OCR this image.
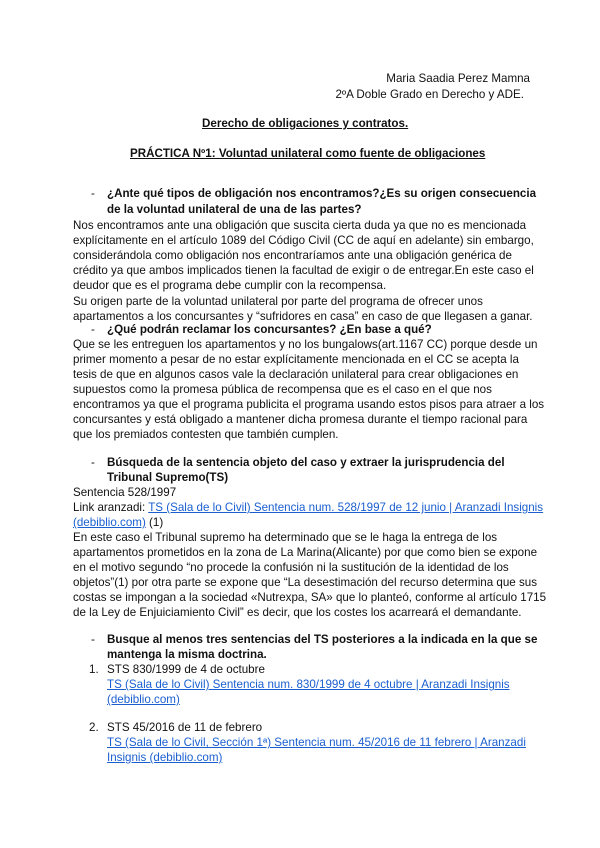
Maria Saadia Perez Mamna
2ºA Doble Grado en Derecho y ADE.
Derecho de obligaciones y contratos.
PRÁCTICA Nº1: Voluntad unilateral como fuente de obligaciones
- ¿Ante qué tipos de obligación nos encontramos?¿Es su origen consecuencia
de la voluntad unilateral de una de las partes?
Nos encontramos ante una obligación que suscita cierta duda ya que no es mencionada
explícitamente en el artículo 1089 del Código Civil (CC de aquí en adelante) sin embargo,
considerándola como obligación nos encontraríamos ante una obligación genérica de
crédito ya que ambos implicados tienen la facultad de exigir o de entregar.En este caso el
deudor que es el programa debe cumplir con la recompensa.
Su origen parte de la voluntad unilateral por parte del programa de ofrecer unos
apartamentos a los concursantes y “sufridores en casa” en caso de que llegasen a ganar.
- ¿Qué podrán reclamar los concursantes? ¿En base a qué?
Que se les entreguen los apartamentos y no los bungalows(art.1167 CC) porque desde un
primer momento a pesar de no estar explícitamente mencionada en el CC se acepta la
tesis de que en algunos casos vale la declaración unilateral para crear obligaciones en
supuestos como la promesa pública de recompensa que es el caso en el que nos
encontramos ya que el programa publicita el programa usando estos pisos para atraer a los
concursantes y está obligado a mantener dicha promesa durante el tiempo racional para
que los premiados contesten que también cumplen.
- Búsqueda de la sentencia objeto del caso y extraer la jurisprudencia del
Tribunal Supremo(TS)
Sentencia 528/1997
Link aranzadi: TS (Sala de lo Civil) Sentencia num. 528/1997 de 12 junio | Aranzadi Insignis
(debiblio.com) (1)
En este caso el Tribunal supremo ha determinado que se le haga la entrega de los
apartamentos prometidos en la zona de La Marina(Alicante) por que como bien se expone
en el motivo segundo “no procede la confusión ni la sustitución de la identidad de los
objetos”(1) por otra parte se expone que “La desestimación del recurso determina que sus
costas se impongan a la sociedad «Nutrexpa, SA» que lo planteó, conforme al artículo 1715
de la Ley de Enjuiciamiento Civil” es decir, que los costes los acarreará el demandante.
- Busque al menos tres sentencias del TS posteriores a la indicada en la que se
mantenga la misma doctrina.
1. STS 830/1999 de 4 de octubre
TS (Sala de lo Civil) Sentencia num. 830/1999 de 4 octubre | Aranzadi Insignis
(debiblio.com)
2. STS 45/2016 de 11 de febrero
TS (Sala de lo Civil, Sección 1ª) Sentencia num. 45/2016 de 11 febrero | Aranzadi
Insignis (debiblio.com)
